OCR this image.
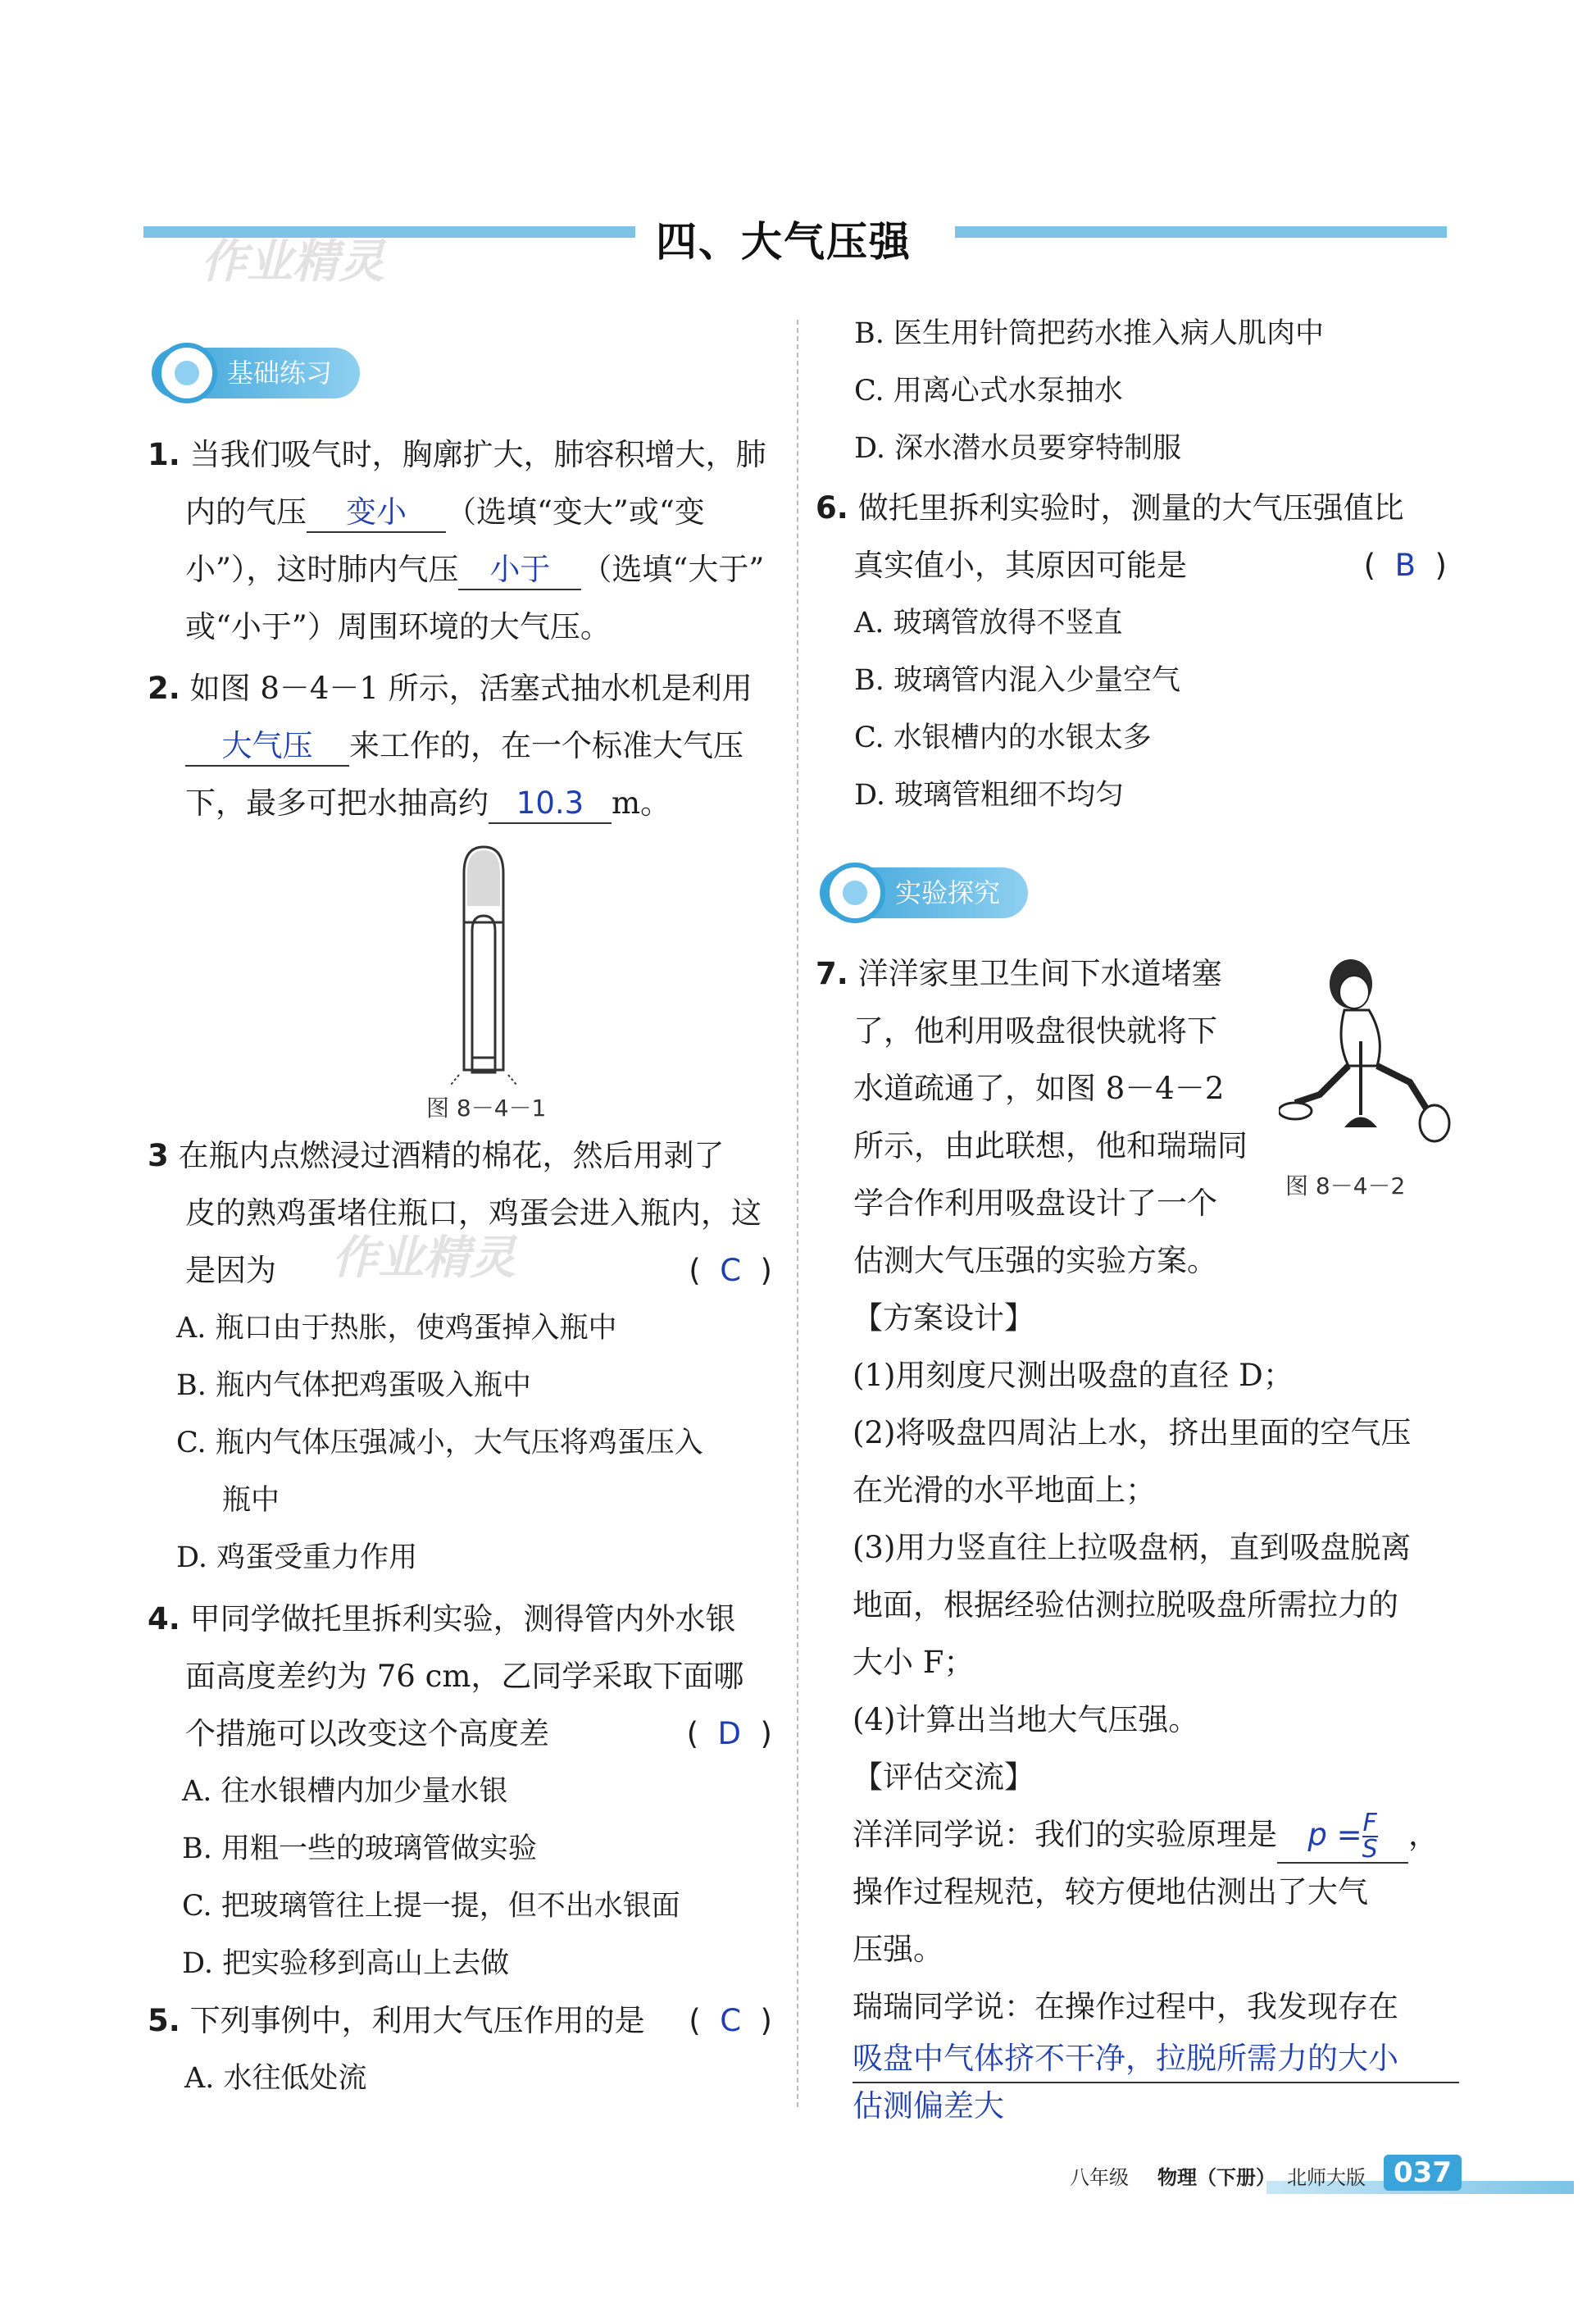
四、大气压强
作业精灵
基础练习
1. 当我们吸气时，胸廓扩大，肺容积增大，肺
内的气压 变小 （选填“变大”或“变
小”），这时肺内气压 小于 （选填“大于”
或“小于”）周围环境的大气压。
2. 如图 8－4－1 所示，活塞式抽水机是利用
大气压 来工作的，在一个标准大气压
下，最多可把水抽高约 10.3 m。
图 8－4－1
作业精灵
3 在瓶内点燃浸过酒精的棉花，然后用剥了
皮的熟鸡蛋堵住瓶口，鸡蛋会进入瓶内，这
是因为	(  C  )
A. 瓶口由于热胀，使鸡蛋掉入瓶中
B. 瓶内气体把鸡蛋吸入瓶中
C. 瓶内气体压强减小，大气压将鸡蛋压入
瓶中
D. 鸡蛋受重力作用
4. 甲同学做托里拆利实验，测得管内外水银
面高度差约为 76 cm，乙同学采取下面哪
个措施可以改变这个高度差	(  D  )
A. 往水银槽内加少量水银
B. 用粗一些的玻璃管做实验
C. 把玻璃管往上提一提，但不出水银面
D. 把实验移到高山上去做
5. 下列事例中，利用大气压作用的是 (  C  )
A. 水往低处流
B. 医生用针筒把药水推入病人肌肉中
C. 用离心式水泵抽水
D. 深水潜水员要穿特制服
6. 做托里拆利实验时，测量的大气压强值比
真实值小，其原因可能是	(  B  )
A. 玻璃管放得不竖直
B. 玻璃管内混入少量空气
C. 水银槽内的水银太多
D. 玻璃管粗细不均匀
实验探究
7. 洋洋家里卫生间下水道堵塞
了，他利用吸盘很快就将下
水道疏通了，如图 8－4－2
所示，由此联想，他和瑞瑞同
学合作利用吸盘设计了一个
估测大气压强的实验方案。
图 8－4－2
【方案设计】
(1)用刻度尺测出吸盘的直径 D；
(2)将吸盘四周沾上水，挤出里面的空气压
在光滑的水平地面上；
(3)用力竖直往上拉吸盘柄，直到吸盘脱离
地面，根据经验估测拉脱吸盘所需拉力的
大小 F；
(4)计算出当地大气压强。
【评估交流】
洋洋同学说：我们的实验原理是 $p = \frac{F}{S}$ ，
操作过程规范，较方便地估测出了大气
压强。
瑞瑞同学说：在操作过程中，我发现存在
吸盘中气体挤不干净，拉脱所需力的大小
估测偏差大
八年级 物理（下册） 北师大版	037
